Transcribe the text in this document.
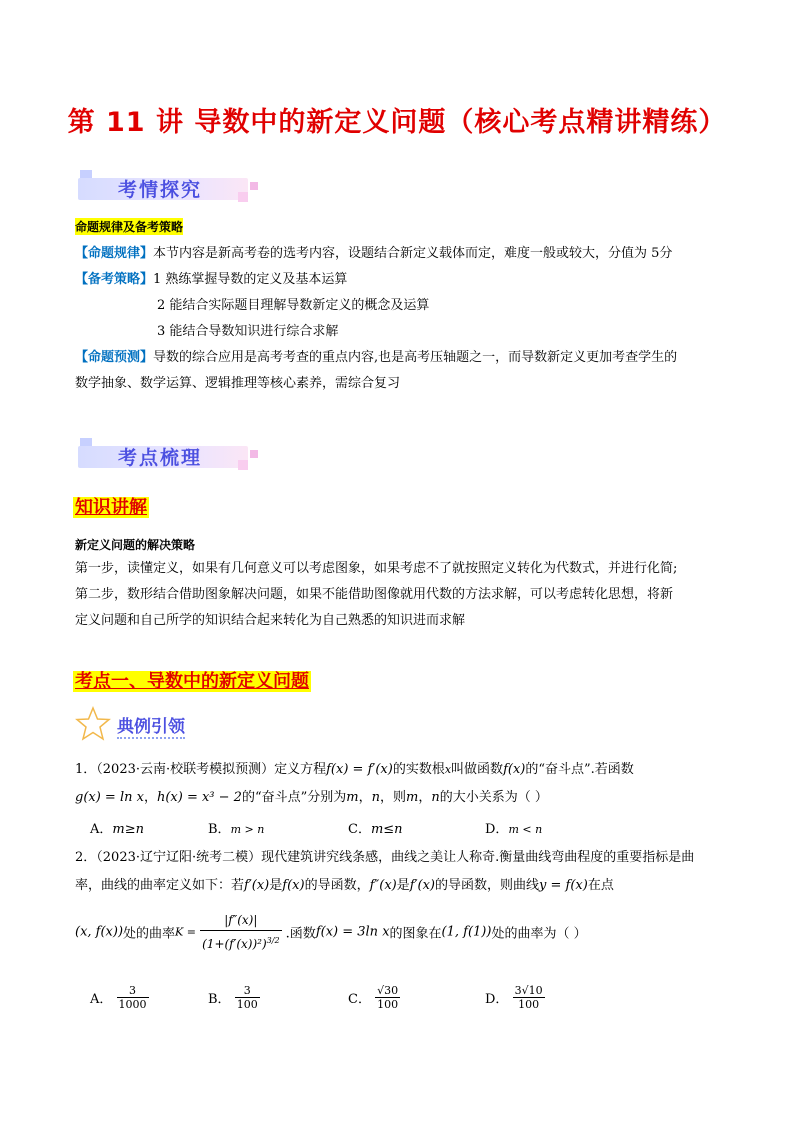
第 11 讲 导数中的新定义问题（核心考点精讲精练）
考情探究
命题规律及备考策略
【命题规律】本节内容是新高考卷的选考内容，设题结合新定义载体而定，难度一般或较大，分值为 5分
【备考策略】1 熟练掌握导数的定义及基本运算
2 能结合实际题目理解导数新定义的概念及运算
3 能结合导数知识进行综合求解
【命题预测】导数的综合应用是高考考查的重点内容,也是高考压轴题之一，而导数新定义更加考查学生的
数学抽象、数学运算、逻辑推理等核心素养，需综合复习
考点梳理
知识讲解
新定义问题的解决策略
第一步，读懂定义，如果有几何意义可以考虑图象，如果考虑不了就按照定义转化为代数式，并进行化简;
第二步，数形结合借助图象解决问题，如果不能借助图像就用代数的方法求解，可以考虑转化思想，将新
定义问题和自己所学的知识结合起来转化为自己熟悉的知识进而求解
考点一、导数中的新定义问题
典例引领
1．（2023·云南·校联考模拟预测）定义方程f(x) = f′(x)的实数根x叫做函数f(x)的“奋斗点”.若函数
g(x) = ln x，h(x) = x³ − 2的“奋斗点”分别为m，n，则m，n的大小关系为（ ）
A．m≥n	B．m > n	C．m≤n	D．m < n
2．（2023·辽宁辽阳·统考二模）现代建筑讲究线条感，曲线之美让人称奇.衡量曲线弯曲程度的重要指标是曲
率，曲线的曲率定义如下：若f′(x)是f(x)的导函数，f″(x)是f′(x)的导函数，则曲线y = f(x)在点
(x, f(x))处的曲率$K = \frac{|f''(x)|}{(1+(f'(x))^2)^{3/2}}$ .函数f(x) = 3ln x的图象在(1, f(1))处的曲率为（ ）
A． $\frac{3}{1000}$	B． $\frac{3}{100}$	C． $\frac{√30}{100}$	D． $\frac{3√10}{100}$
